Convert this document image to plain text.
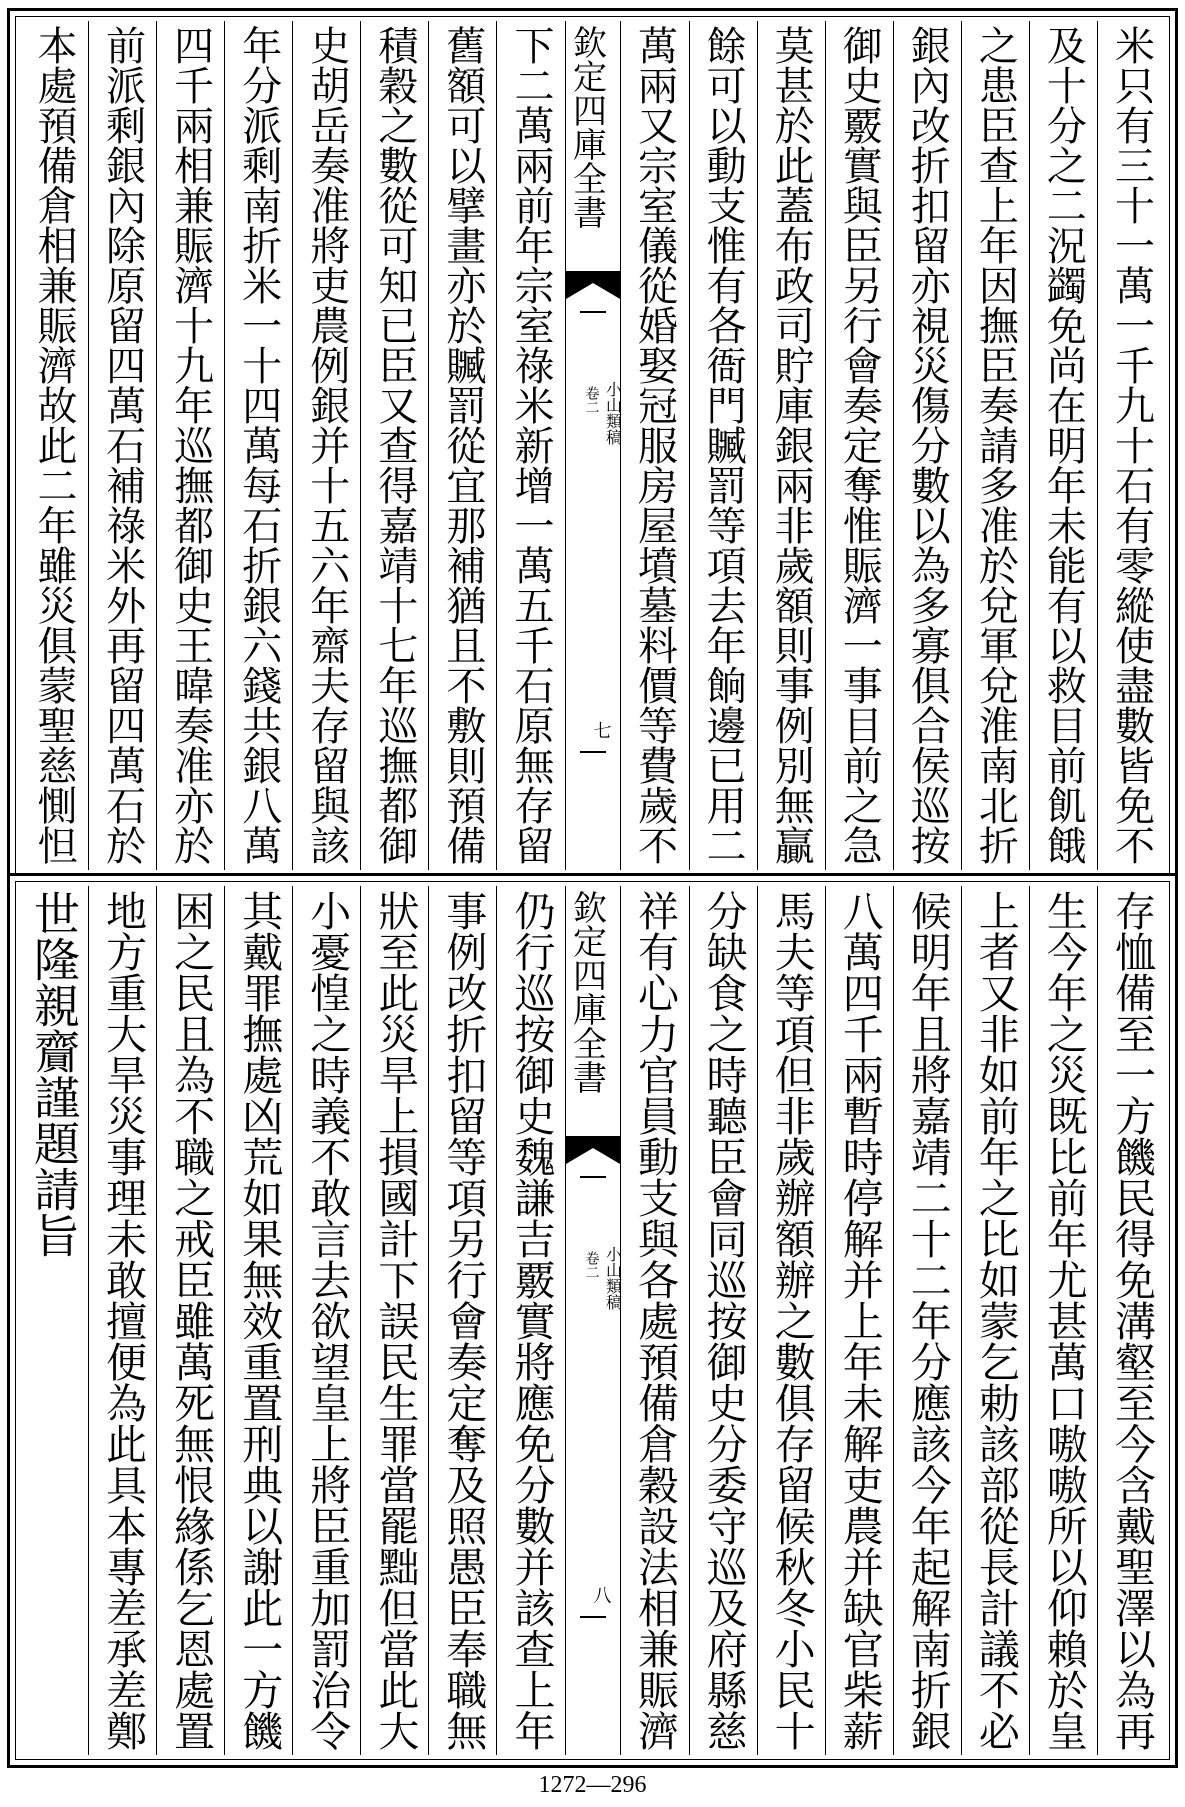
下二萬兩前年宗室祿米新增一萬五千石原無存留
舊額可以擘畫亦於贓罰從宜那補猶且不敷則預備
積穀之數從可知已臣又查得嘉靖十七年巡撫都御
史胡岳奏准將吏農例銀并十五六年齋夫存留與該
年分派剩南折米一十四萬每石折銀六錢共銀八萬
四千兩相兼賑濟十九年巡撫都御史王暐奏准亦於
前派剩銀內除原留四萬石補祿米外再留四萬石於
本處預備倉相兼賑濟故此二年雖災俱蒙聖慈惻怛	欽定四庫全書
小山類稿
卷二
七	米只有三十一萬一千九十石有零縱使盡數皆免不
及十分之二況蠲免尚在明年未能有以救目前飢餓
之患臣查上年因撫臣奏請多准於兌軍兌淮南北折
銀內改折扣留亦視災傷分數以為多寡俱合侯巡按
御史覈實與臣另行會奏定奪惟賑濟一事目前之急
莫甚於此蓋布政司貯庫銀兩非歲額則事例別無贏
餘可以動支惟有各衙門贓罰等項去年餉邊已用二
萬兩又宗室儀從婚娶冠服房屋墳墓料價等費歲不
仍行巡按御史魏謙吉覈實將應免分數并該查上年
事例改折扣留等項另行會奏定奪及照愚臣奉職無
狀至此災旱上損國計下誤民生罪當罷黜但當此大
小憂惶之時義不敢言去欲望皇上將臣重加罰治令
其戴罪撫處凶荒如果無效重置刑典以謝此一方饑
困之民且為不職之戒臣雖萬死無恨緣係乞恩處置
地方重大旱災事理未敢擅便為此具本專差承差鄭
世隆親齎謹題請旨	欽定四庫全書
小山類稿
卷二
八	存恤備至一方饑民得免溝壑至今含戴聖澤以為再
生今年之災既比前年尤甚萬口嗷嗷所以仰賴於皇
上者又非如前年之比如蒙乞勅該部從長計議不必
候明年且將嘉靖二十二年分應該今年起解南折銀
八萬四千兩暫時停解并上年未解吏農并缺官柴薪
馬夫等項但非歲辦額辦之數俱存留候秋冬小民十
分缺食之時聽臣會同巡按御史分委守巡及府縣慈
祥有心力官員動支與各處預備倉穀設法相兼賑濟
1272—296
